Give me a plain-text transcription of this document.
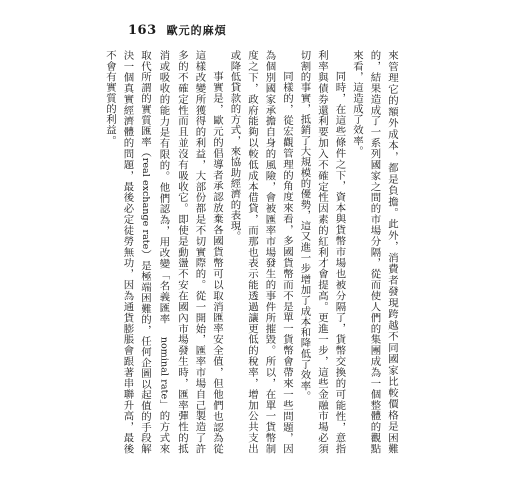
163 歐元的麻煩

來管理它的額外成本，都是負擔。此外，消費者發現跨越不同國家比較價格是困難的，結果造成了一系列國家之間的市場分隔，從而使人們的集團成為一個整體的觀點來看，這造成了效率。

同時，在這些條件之下，資本與貨幣市場也被分隔了，貨幣交換的可能性，意指利率與債券還利要加入不確定性因素的紅利才會提高。更進一步，這些金融市場必須切割的事實，抵銷了大規模的優勢，這又進一步增加了成本和降低了效率。

同樣的，從宏觀管理的角度來看，多國貨幣而不是單一貨幣會帶來一些問題，因為個別國家承擔自身的風險，會被匯率市場發生的事件所摧毀。所以，在單一貨幣制度之下，政府能夠以較低成本借貸，而那也表示能透過讓更低的稅率，增加公共支出或降低貸款的方式，來協助經濟的表現。

事實是，歐元的倡導者承認放棄各國貨幣可以取消匯率安全值，但他們也認為從這樣改變所獲得的利益，大部份都是不切實際的。從一開始，匯率市場自己製造了許多的不確定性而且並沒有吸收它。即使是動盪不安在國內市場發生時，匯率彈性的抵消或吸收的能力是有限的。他們認為，用改變「名義匯率 nominal rate」的方式來取代所謂的實質匯率（real exchange rate）是極端困難的，任何企圖以起值的手段解決一個真實經濟體的問題，最後必定徒勞無功，因為通貨膨脹會跟著串聯升高，最後不會有實質的利益。
